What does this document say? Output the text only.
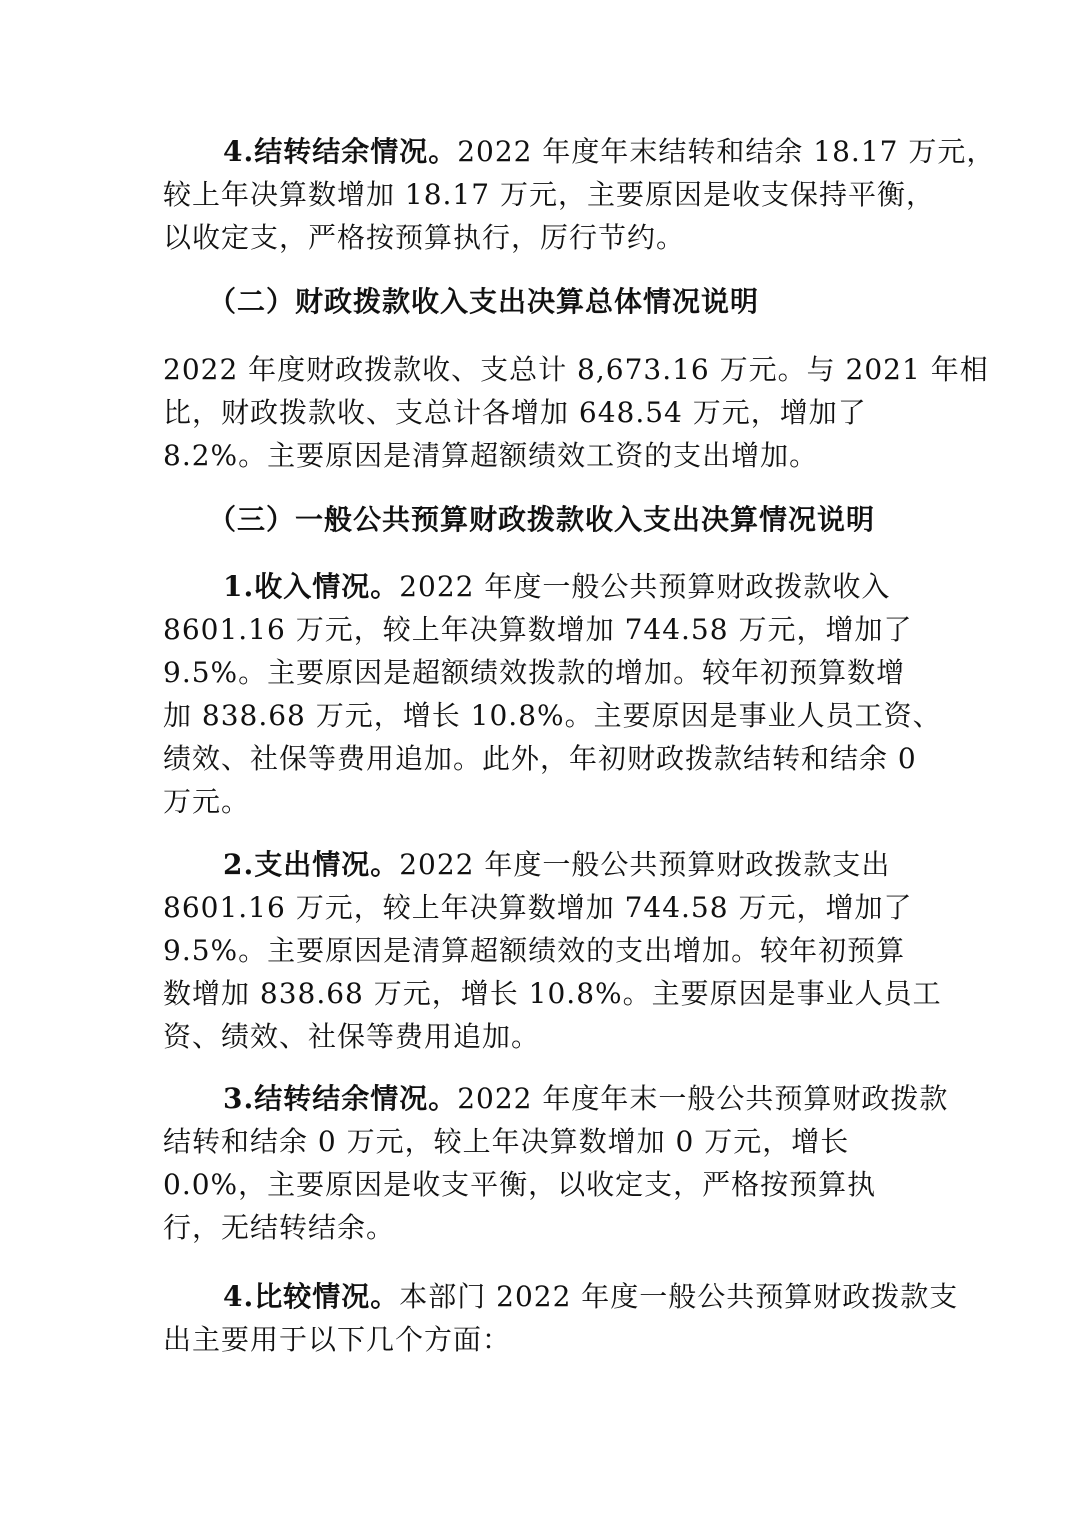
4.结转结余情况。2022 年度年末结转和结余 18.17 万元，
较上年决算数增加 18.17 万元，主要原因是收支保持平衡，
以收定支，严格按预算执行，厉行节约。
（二）财政拨款收入支出决算总体情况说明
2022 年度财政拨款收、支总计 8,673.16 万元。与 2021 年相
比，财政拨款收、支总计各增加 648.54 万元，增加了
8.2%。主要原因是清算超额绩效工资的支出增加。
（三）一般公共预算财政拨款收入支出决算情况说明
1.收入情况。2022 年度一般公共预算财政拨款收入
8601.16 万元，较上年决算数增加 744.58 万元，增加了
9.5%。主要原因是超额绩效拨款的增加。较年初预算数增
加 838.68 万元，增长 10.8%。主要原因是事业人员工资、
绩效、社保等费用追加。此外，年初财政拨款结转和结余 0
万元。
2.支出情况。2022 年度一般公共预算财政拨款支出
8601.16 万元，较上年决算数增加 744.58 万元，增加了
9.5%。主要原因是清算超额绩效的支出增加。较年初预算
数增加 838.68 万元，增长 10.8%。主要原因是事业人员工
资、绩效、社保等费用追加。
3.结转结余情况。2022 年度年末一般公共预算财政拨款
结转和结余 0 万元，较上年决算数增加 0 万元，增长
0.0%，主要原因是收支平衡，以收定支，严格按预算执
行，无结转结余。
4.比较情况。本部门 2022 年度一般公共预算财政拨款支
出主要用于以下几个方面：
